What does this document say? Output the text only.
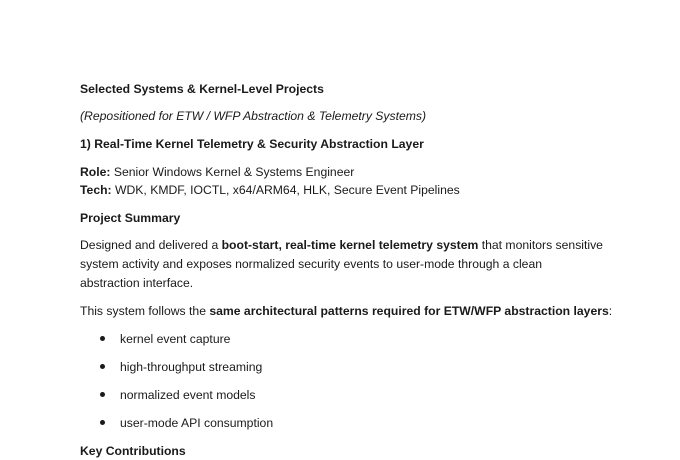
Selected Systems & Kernel-Level Projects
(Repositioned for ETW / WFP Abstraction & Telemetry Systems)
1) Real-Time Kernel Telemetry & Security Abstraction Layer
Role: Senior Windows Kernel & Systems Engineer
Tech: WDK, KMDF, IOCTL, x64/ARM64, HLK, Secure Event Pipelines
Project Summary
Designed and delivered a boot-start, real-time kernel telemetry system that monitors sensitive
system activity and exposes normalized security events to user-mode through a clean
abstraction interface.
This system follows the same architectural patterns required for ETW/WFP abstraction layers:
kernel event capture
high-throughput streaming
normalized event models
user-mode API consumption
Key Contributions
